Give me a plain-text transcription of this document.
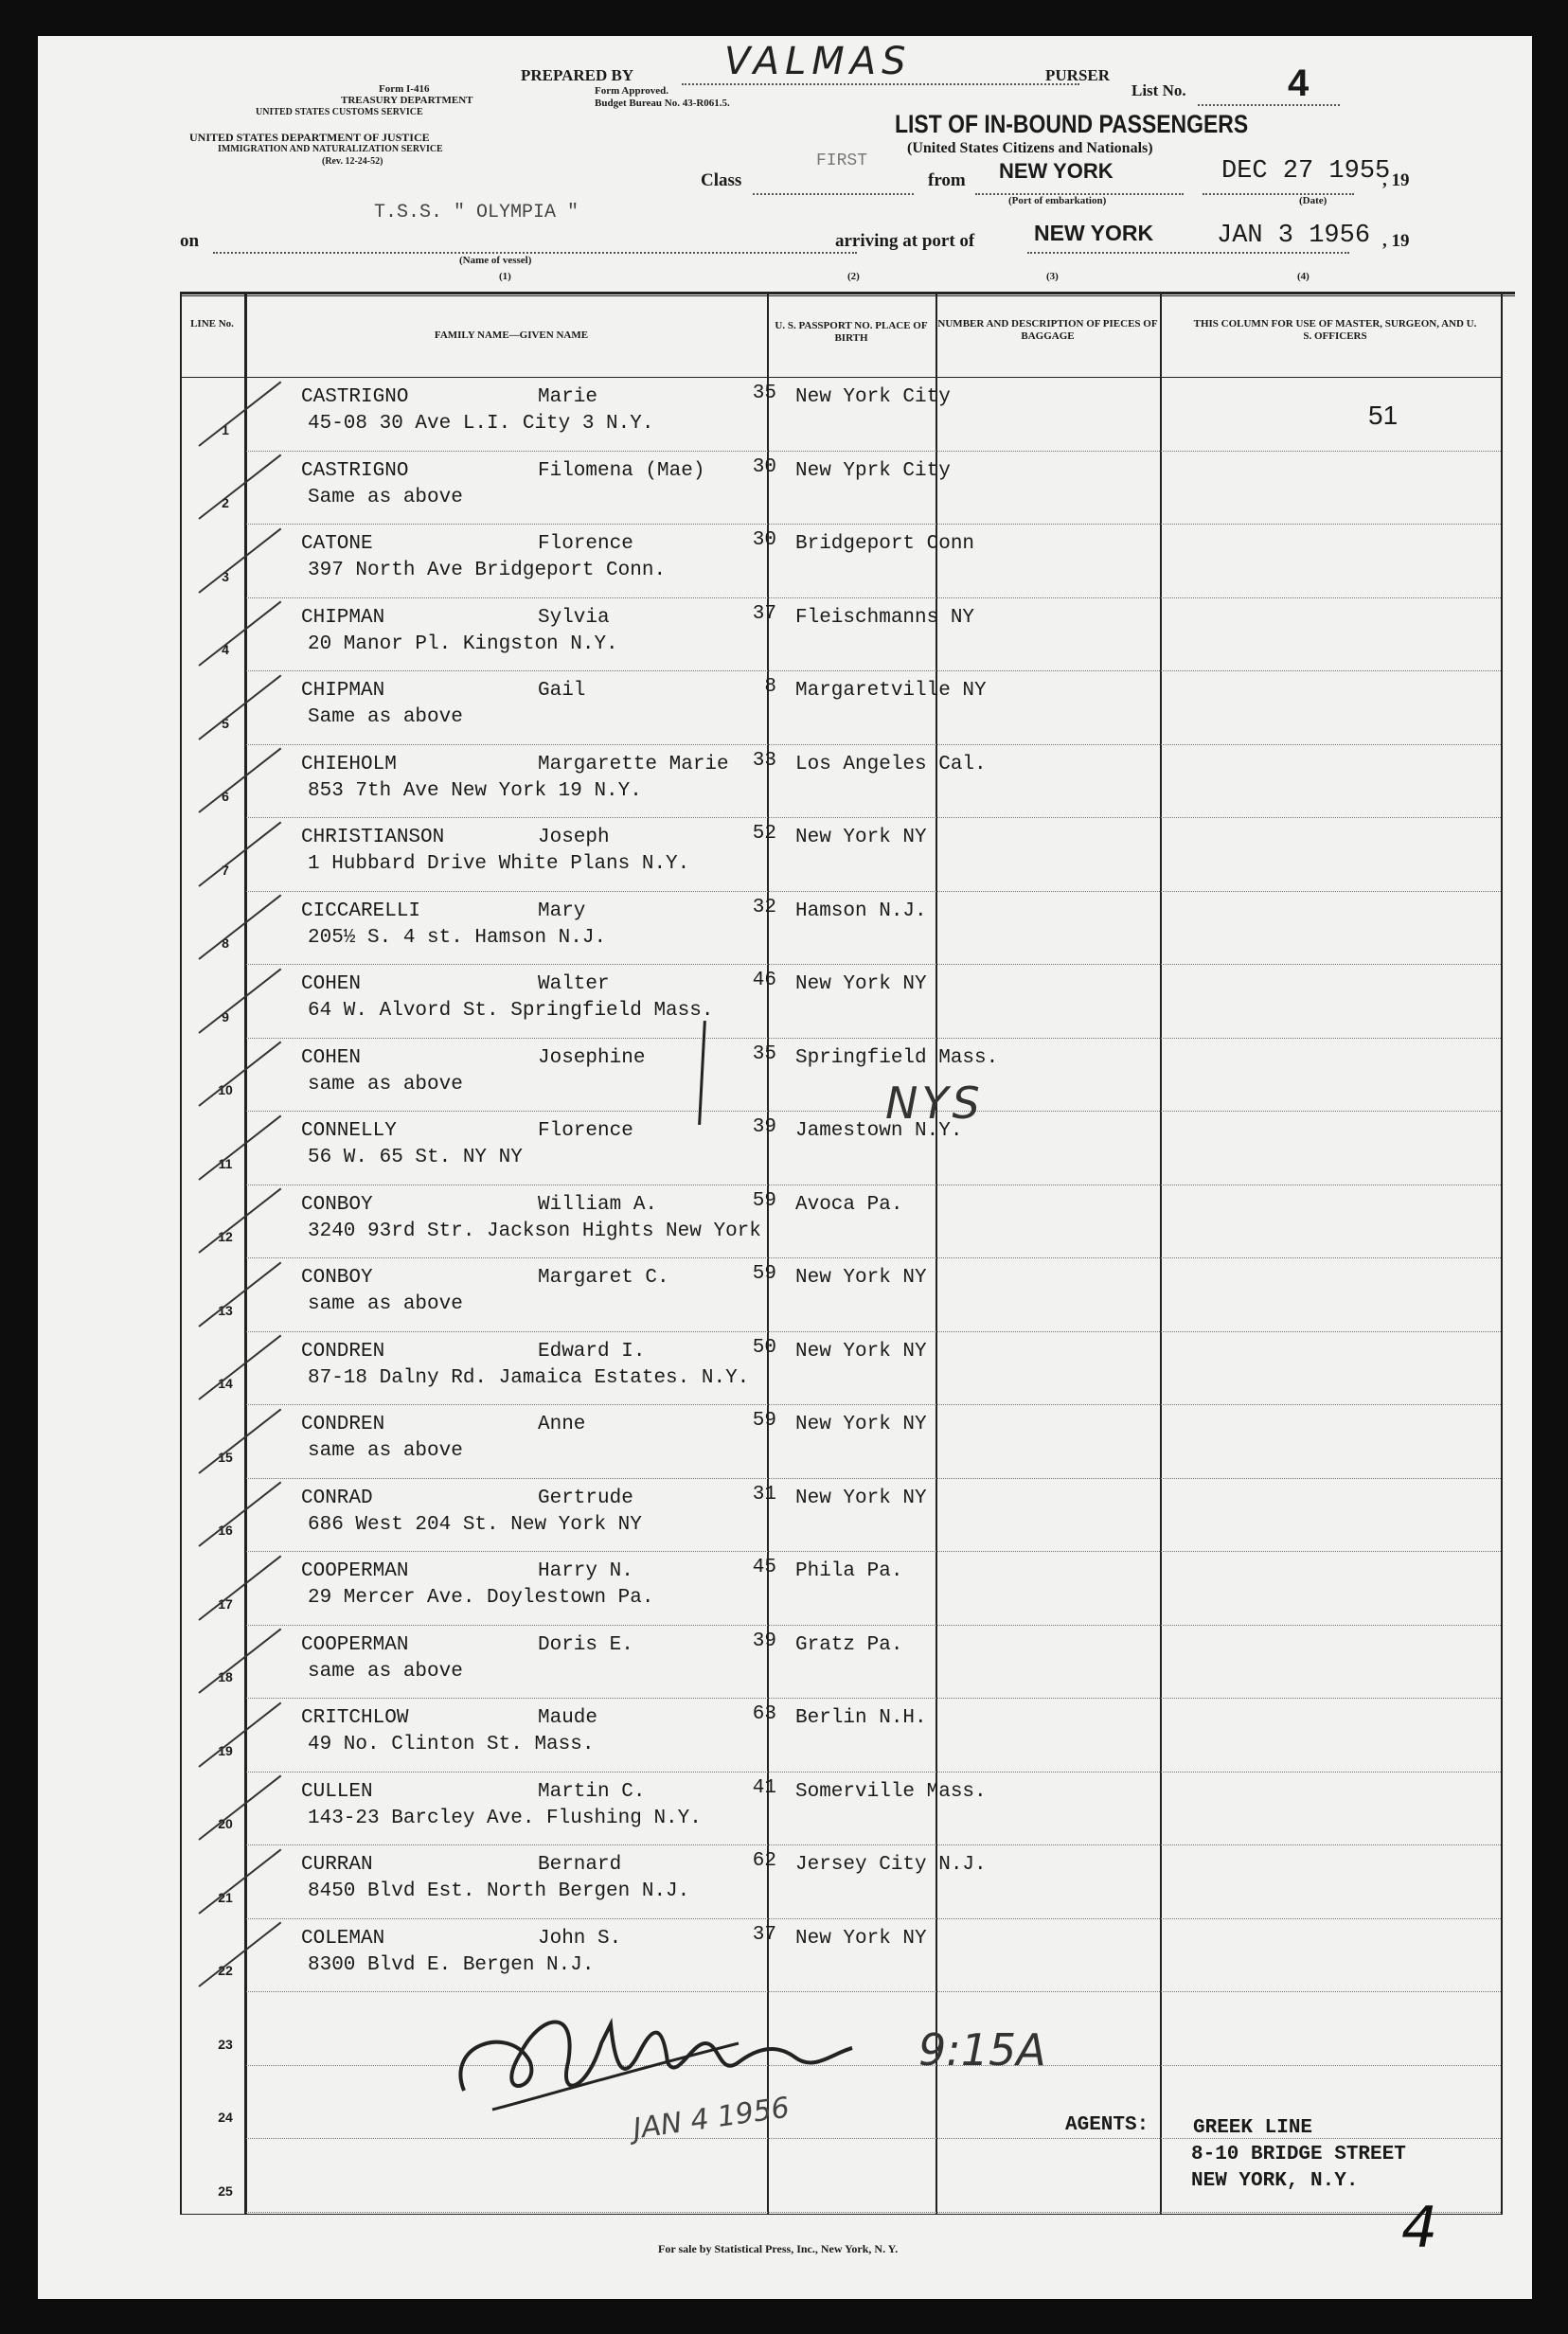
Form I-416
TREASURY DEPARTMENT
UNITED STATES CUSTOMS SERVICE
UNITED STATES DEPARTMENT OF JUSTICE
IMMIGRATION AND NATURALIZATION SERVICE
(Rev. 12-24-52)
PREPARED BY VALMAS
Form Approved.
Budget Bureau No. 43-R061.5.
PURSER
List No.	4
LIST OF IN-BOUND PASSENGERS
(United States Citizens and Nationals)
Class
FIRST
from NEW YORK
(Port of embarkation)
DEC 27 1955
(Date)
, 19
T.S.S. " OLYMPIA "
on
(Name of vessel)
arriving at port of	NEW YORK JAN 3 1956 , 19
(1)	(2)	(3)	(4)
LINE No.
FAMILY NAME—GIVEN NAME
U. S. PASSPORT NO. PLACE OF BIRTH
NUMBER AND DESCRIPTION OF PIECES OF BAGGAGE
THIS COLUMN FOR USE OF MASTER, SURGEON, AND U. S. OFFICERS
51
1
CASTRIGNO	Marie	35
45-08 30 Ave L.I. City 3 N.Y.
New York City
2
CASTRIGNO	Filomena (Mae)	30
Same as above
New Yprk City
3
CATONE	Florence	30
397 North Ave Bridgeport Conn.
Bridgeport Conn
4
CHIPMAN	Sylvia	37
20 Manor Pl. Kingston N.Y.
Fleischmanns NY
5
CHIPMAN	Gail	8
Same as above
Margaretville NY
6
CHIEHOLM	Margarette Marie	33
853 7th Ave New York 19 N.Y.
Los Angeles Cal.
7
CHRISTIANSON	Joseph	52
1 Hubbard Drive White Plans N.Y.
New York NY
8
CICCARELLI	Mary	32
205½ S. 4 st. Hamson N.J.
Hamson N.J.
9
COHEN	Walter	46
64 W. Alvord St. Springfield Mass.
New York NY
10
COHEN	Josephine	35
same as above
Springfield Mass.
11
CONNELLY	Florence	39
56 W. 65 St. NY NY
Jamestown N.Y.
12
CONBOY	William A.	59
3240 93rd Str. Jackson Hights New York
Avoca Pa.
13
CONBOY	Margaret C.	59
same as above
New York NY
14
CONDREN	Edward I.	50
87-18 Dalny Rd. Jamaica Estates. N.Y.
New York NY
15
CONDREN	Anne	59
same as above
New York NY
16
CONRAD	Gertrude	31
686 West 204 St. New York NY
New York NY
17
COOPERMAN	Harry N.	45
29 Mercer Ave. Doylestown Pa.
Phila Pa.
18
COOPERMAN	Doris E.	39
same as above
Gratz Pa.
19
CRITCHLOW	Maude	63
49 No. Clinton St. Mass.
Berlin N.H.
20
CULLEN	Martin C.	41
143-23 Barcley Ave. Flushing N.Y.
Somerville Mass.
21
CURRAN	Bernard	62
8450 Blvd Est. North Bergen N.J.
Jersey City N.J.
22
COLEMAN	John S.	37
8300 Blvd E. Bergen N.J.
New York NY
23
24
25
NYS
JAN 4 1956
9:15A
AGENTS: GREEK LINE
8-10 BRIDGE STREET
NEW YORK, N.Y.
4
For sale by Statistical Press, Inc., New York, N. Y.
